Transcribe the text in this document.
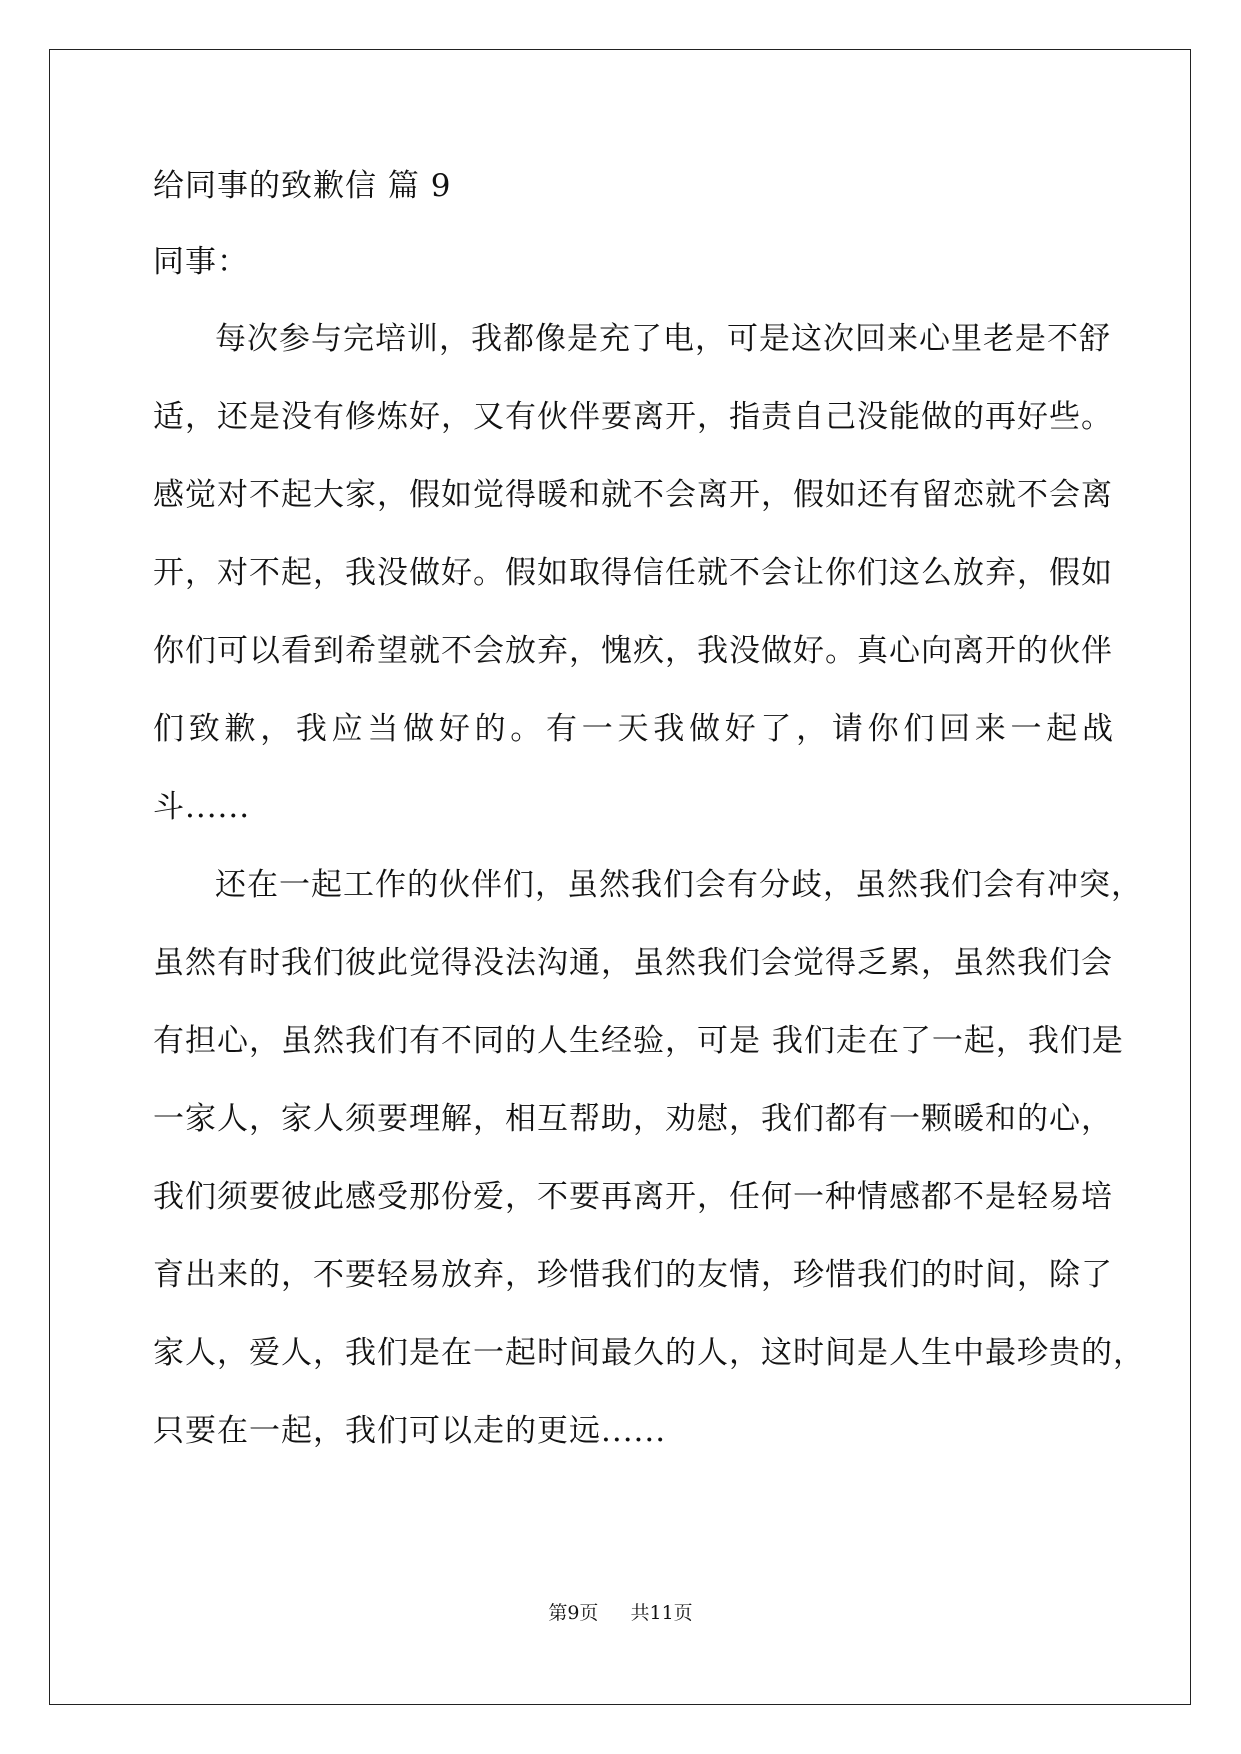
给同事的致歉信 篇 9

同事：

每次参与完培训，我都像是充了电，可是这次回来心里老是不舒

适，还是没有修炼好，又有伙伴要离开，指责自己没能做的再好些。

感觉对不起大家，假如觉得暖和就不会离开，假如还有留恋就不会离

开，对不起，我没做好。假如取得信任就不会让你们这么放弃，假如

你们可以看到希望就不会放弃，愧疚，我没做好。真心向离开的伙伴

们致歉，我应当做好的。有一天我做好了，请你们回来一起战

斗......

还在一起工作的伙伴们，虽然我们会有分歧，虽然我们会有冲突，

虽然有时我们彼此觉得没法沟通，虽然我们会觉得乏累，虽然我们会

有担心，虽然我们有不同的人生经验，可是 我们走在了一起，我们是

一家人，家人须要理解，相互帮助，劝慰，我们都有一颗暖和的心，

我们须要彼此感受那份爱，不要再离开，任何一种情感都不是轻易培

育出来的，不要轻易放弃，珍惜我们的友情，珍惜我们的时间，除了

家人，爱人，我们是在一起时间最久的人，这时间是人生中最珍贵的，

只要在一起，我们可以走的更远......

第9页 共11页
